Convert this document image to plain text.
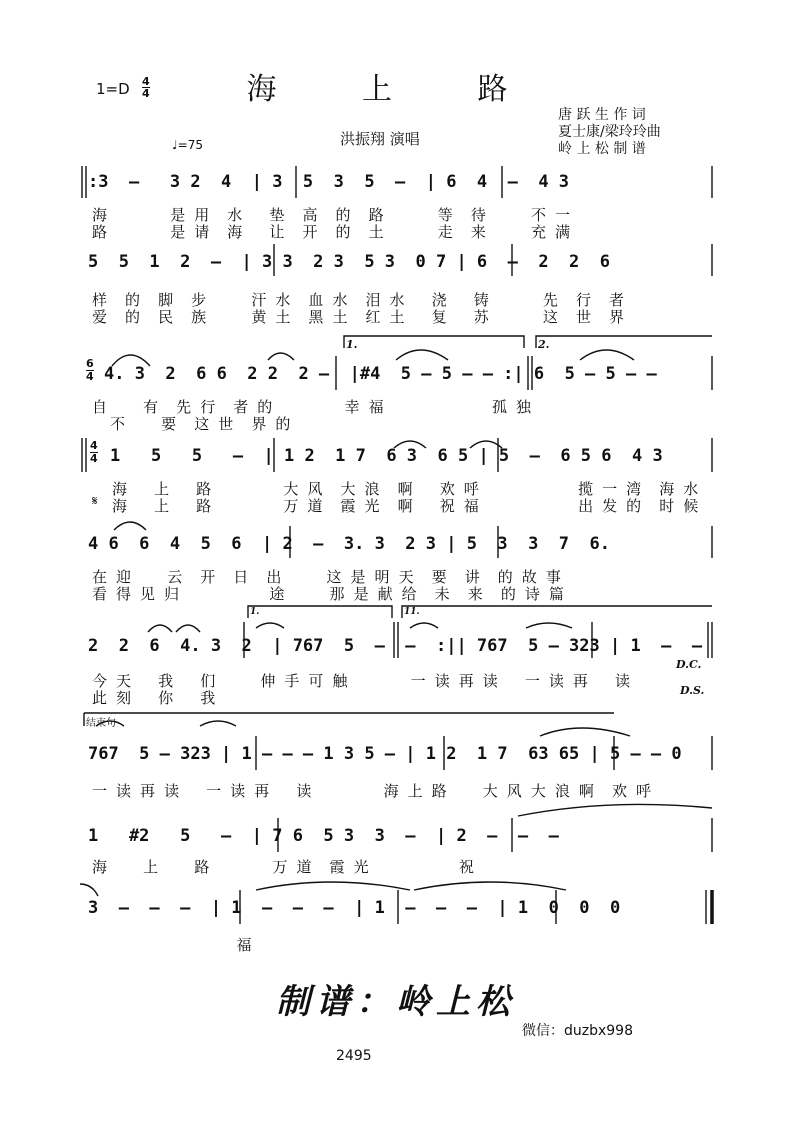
$1=D \frac{4}{4}$	海 上 路
♩=75	洪振翔 演唱
唐 跃 生 作 词
夏士康/梁玲玲曲
岭 上 松 制 谱
:3  –   3 2  4  | 3  5  3  5  –  | 6  4  –  4 3
海       是 用  水   垫  高  的  路      等  待     不 一
路       是 请  海   让  开  的  土      走  来     充 满
5  5  1  2  –  | 3 3  2 3  5 3  0 7 | 6  –  2  2  6
样  的  脚  步     汗 水  血 水  泪 水   浇   铸      先  行  者
爱  的  民  族     黄 土  黑 土  红 土   复   苏      这  世  界
6
4
1.	2.
4. 3  2  6 6  2 2  2 –  |#4  5 – 5 – – :| 6  5 – 5 – –
自    有  先 行  者 的        幸 福            孤 独
不    要  这 世  界 的
4
4 1   5   5   –  | 1 2  1 7  6 3  6 5 | 5  –  6 5 6  4 3
海   上   路        大 风  大 浪  啊   欢 呼           揽 一 湾  海 水
𝄋 海   上   路        万 道  霞 光  啊   祝 福           出 发 的  时 候
4 6  6  4  5  6  | 2  –  3. 3  2 3 | 5  3  3  7  6.
在 迎    云  开  日  出     这 是 明 天  要  讲  的 故 事
看 得 见 归          途     那 是 献 给  未  来  的 诗 篇
1.	11.
2  2  6  4. 3  2  | 767  5  –  –  :|| 767  5 – 323 | 1  –  –
今 天   我   们     伸 手 可 触       一 读 再 读   一 读 再   读
此 刻   你   我
D.C.
D.S.
结束句
767  5 – 323 | 1 – – – 1 3 5 – | 1 2  1 7  63 65 | 5 – – 0
一 读 再 读   一 读 再   读        海 上 路    大 风 大 浪 啊  欢 呼
1   #2   5   –  | 7 6  5 3  3  –  | 2  –  –  –
海    上    路       万 道  霞 光          祝
3  –  –  –  | 1  –  –  –  | 1  –  –  –  | 1  0  0  0
福
制谱：岭上松
微信：duzbx998
2495
